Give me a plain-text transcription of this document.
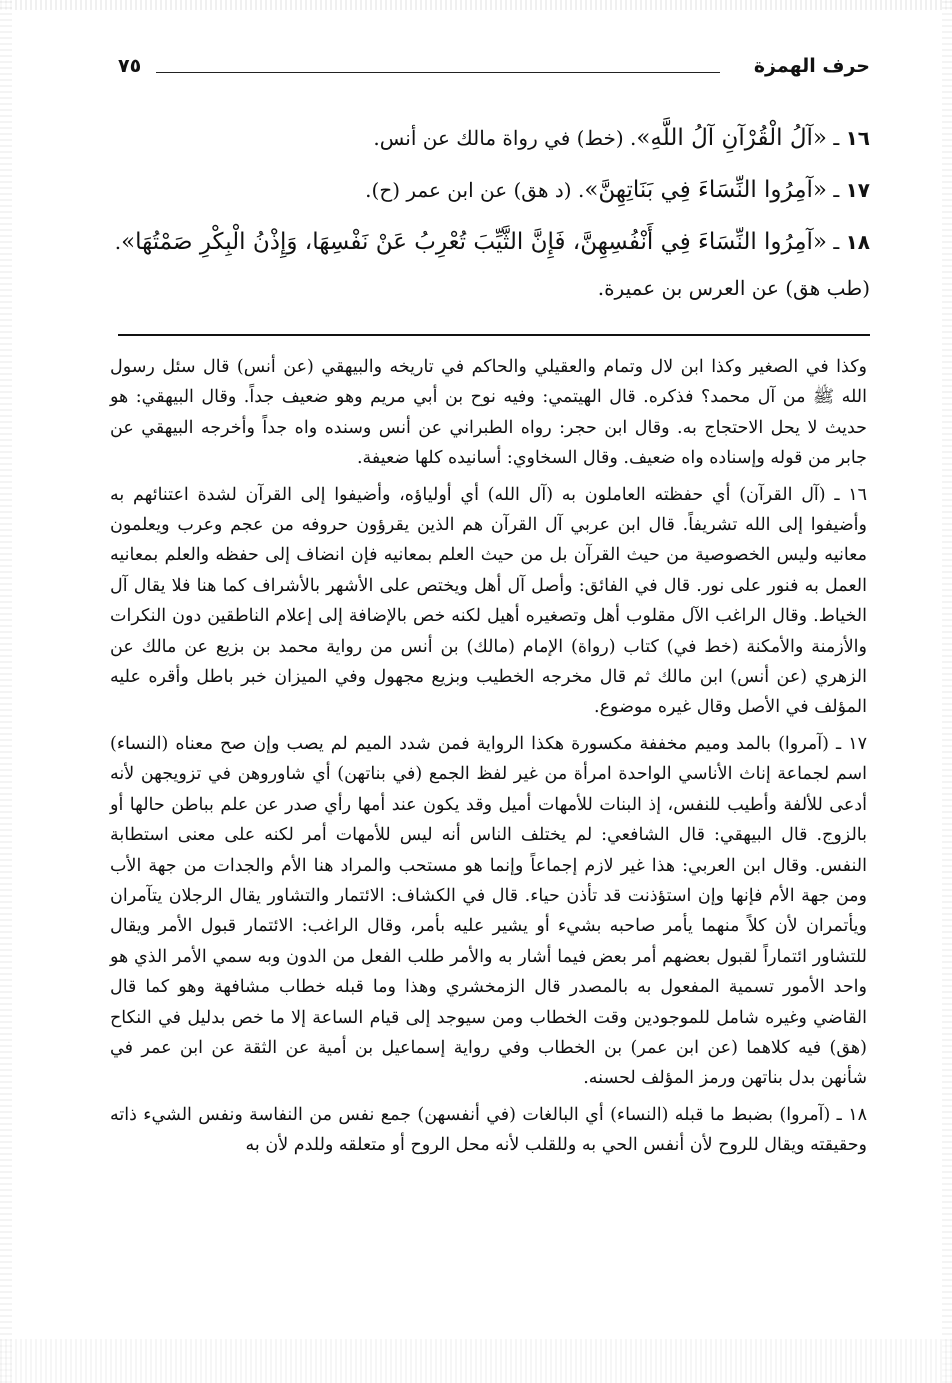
حرف الهمزة
٧٥

١٦ ـ «آلُ الْقُرْآنِ آلُ اللَّهِ». (خط) في رواة مالك عن أنس.

١٧ ـ «آمِرُوا النِّسَاءَ فِي بَنَاتِهِنَّ». (د هق) عن ابن عمر (ح).

١٨ ـ «آمِرُوا النِّسَاءَ فِي أَنْفُسِهِنَّ، فَإِنَّ الثَّيِّبَ تُعْرِبُ عَنْ نَفْسِهَا، وَإِذْنُ الْبِكْرِ صَمْتُهَا».

(طب هق) عن العرس بن عميرة.

وكذا في الصغير وكذا ابن لال وتمام والعقيلي والحاكم في تاريخه والبيهقي (عن أنس) قال سئل رسول الله ﷺ من آل محمد؟ فذكره. قال الهيتمي: وفيه نوح بن أبي مريم وهو ضعيف جداً. وقال البيهقي: هو حديث لا يحل الاحتجاج به. وقال ابن حجر: رواه الطبراني عن أنس وسنده واه جداً وأخرجه البيهقي عن جابر من قوله وإسناده واه ضعيف. وقال السخاوي: أسانيده كلها ضعيفة.

١٦ ـ (آل القرآن) أي حفظته العاملون به (آل الله) أي أولياؤه، وأضيفوا إلى القرآن لشدة اعتنائهم به وأضيفوا إلى الله تشريفاً. قال ابن عربي آل القرآن هم الذين يقرؤون حروفه من عجم وعرب ويعلمون معانيه وليس الخصوصية من حيث القرآن بل من حيث العلم بمعانيه فإن انضاف إلى حفظه والعلم بمعانيه العمل به فنور على نور. قال في الفائق: وأصل آل أهل ويختص على الأشهر بالأشراف كما هنا فلا يقال آل الخياط. وقال الراغب الآل مقلوب أهل وتصغيره أهيل لكنه خص بالإضافة إلى إعلام الناطقين دون النكرات والأزمنة والأمكنة (خط في) كتاب (رواة) الإمام (مالك) بن أنس من رواية محمد بن بزيع عن مالك عن الزهري (عن أنس) ابن مالك ثم قال مخرجه الخطيب وبزيع مجهول وفي الميزان خبر باطل وأقره عليه المؤلف في الأصل وقال غيره موضوع.

١٧ ـ (آمروا) بالمد وميم مخففة مكسورة هكذا الرواية فمن شدد الميم لم يصب وإن صح معناه (النساء) اسم لجماعة إناث الأناسي الواحدة امرأة من غير لفظ الجمع (في بناتهن) أي شاوروهن في تزويجهن لأنه أدعى للألفة وأطيب للنفس، إذ البنات للأمهات أميل وقد يكون عند أمها رأي صدر عن علم بباطن حالها أو بالزوج. قال البيهقي: قال الشافعي: لم يختلف الناس أنه ليس للأمهات أمر لكنه على معنى استطابة النفس. وقال ابن العربي: هذا غير لازم إجماعاً وإنما هو مستحب والمراد هنا الأم والجدات من جهة الأب ومن جهة الأم فإنها وإن استؤذنت قد تأذن حياء. قال في الكشاف: الائتمار والتشاور يقال الرجلان يتآمران ويأتمران لأن كلاً منهما يأمر صاحبه بشيء أو يشير عليه بأمر، وقال الراغب: الائتمار قبول الأمر ويقال للتشاور ائتماراً لقبول بعضهم أمر بعض فيما أشار به والأمر طلب الفعل من الدون وبه سمي الأمر الذي هو واحد الأمور تسمية المفعول به بالمصدر قال الزمخشري وهذا وما قبله خطاب مشافهة وهو كما قال القاضي وغيره شامل للموجودين وقت الخطاب ومن سيوجد إلى قيام الساعة إلا ما خص بدليل في النكاح (هق) فيه كلاهما (عن ابن عمر) بن الخطاب وفي رواية إسماعيل بن أمية عن الثقة عن ابن عمر في شأنهن بدل بناتهن ورمز المؤلف لحسنه.

١٨ ـ (آمروا) بضبط ما قبله (النساء) أي البالغات (في أنفسهن) جمع نفس من النفاسة ونفس الشيء ذاته وحقيقته ويقال للروح لأن أنفس الحي به وللقلب لأنه محل الروح أو متعلقه وللدم لأن به
